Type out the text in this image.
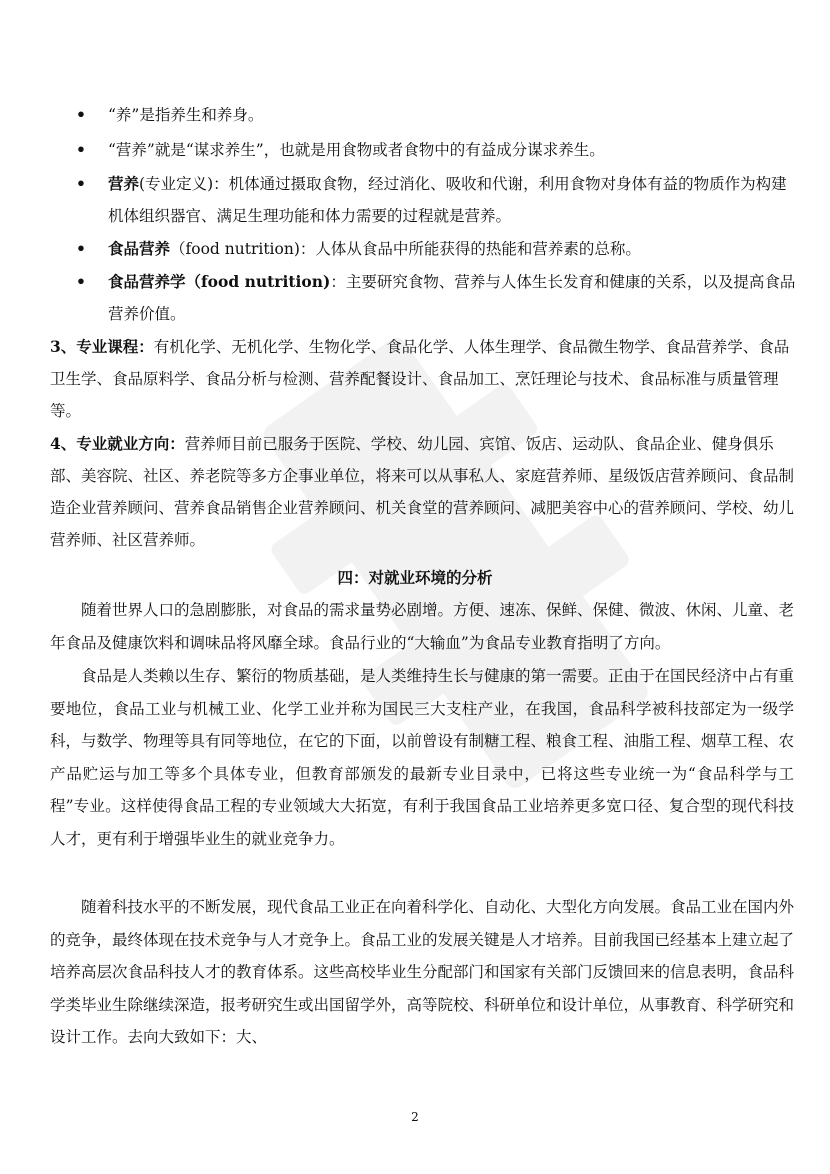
•	“养”是指养生和养身。
•	“营养”就是“谋求养生”，也就是用食物或者食物中的有益成分谋求养生。
•	营养(专业定义)：机体通过摄取食物，经过消化、吸收和代谢，利用食物对身体有益的物质作为构建机体组织器官、满足生理功能和体力需要的过程就是营养。
•	食品营养（food nutrition)：人体从食品中所能获得的热能和营养素的总称。
•	食品营养学（food nutrition)：主要研究食物、营养与人体生长发育和健康的关系，以及提高食品营养价值。
3、专业课程：有机化学、无机化学、生物化学、食品化学、人体生理学、食品微生物学、食品营养学、食品卫生学、食品原料学、食品分析与检测、营养配餐设计、食品加工、烹饪理论与技术、食品标准与质量管理等。
4、专业就业方向：营养师目前已服务于医院、学校、幼儿园、宾馆、饭店、运动队、食品企业、健身俱乐部、美容院、社区、养老院等多方企事业单位，将来可以从事私人、家庭营养师、星级饭店营养顾问、食品制造企业营养顾问、营养食品销售企业营养顾问、机关食堂的营养顾问、减肥美容中心的营养顾问、学校、幼儿营养师、社区营养师。
四：对就业环境的分析
随着世界人口的急剧膨胀，对食品的需求量势必剧增。方便、速冻、保鲜、保健、微波、休闲、儿童、老年食品及健康饮料和调味品将风靡全球。食品行业的“大输血”为食品专业教育指明了方向。
食品是人类赖以生存、繁衍的物质基础，是人类维持生长与健康的第一需要。正由于在国民经济中占有重要地位，食品工业与机械工业、化学工业并称为国民三大支柱产业，在我国，食品科学被科技部定为一级学科，与数学、物理等具有同等地位，在它的下面，以前曾设有制糖工程、粮食工程、油脂工程、烟草工程、农产品贮运与加工等多个具体专业，但教育部颁发的最新专业目录中，已将这些专业统一为“食品科学与工程”专业。这样使得食品工程的专业领域大大拓宽，有利于我国食品工业培养更多宽口径、复合型的现代科技人才，更有利于增强毕业生的就业竞争力。
随着科技水平的不断发展，现代食品工业正在向着科学化、自动化、大型化方向发展。食品工业在国内外的竞争，最终体现在技术竞争与人才竞争上。食品工业的发展关键是人才培养。目前我国已经基本上建立起了培养高层次食品科技人才的教育体系。这些高校毕业生分配部门和国家有关部门反馈回来的信息表明，食品科学类毕业生除继续深造，报考研究生或出国留学外，高等院校、科研单位和设计单位，从事教育、科学研究和设计工作。去向大致如下：大、
2
